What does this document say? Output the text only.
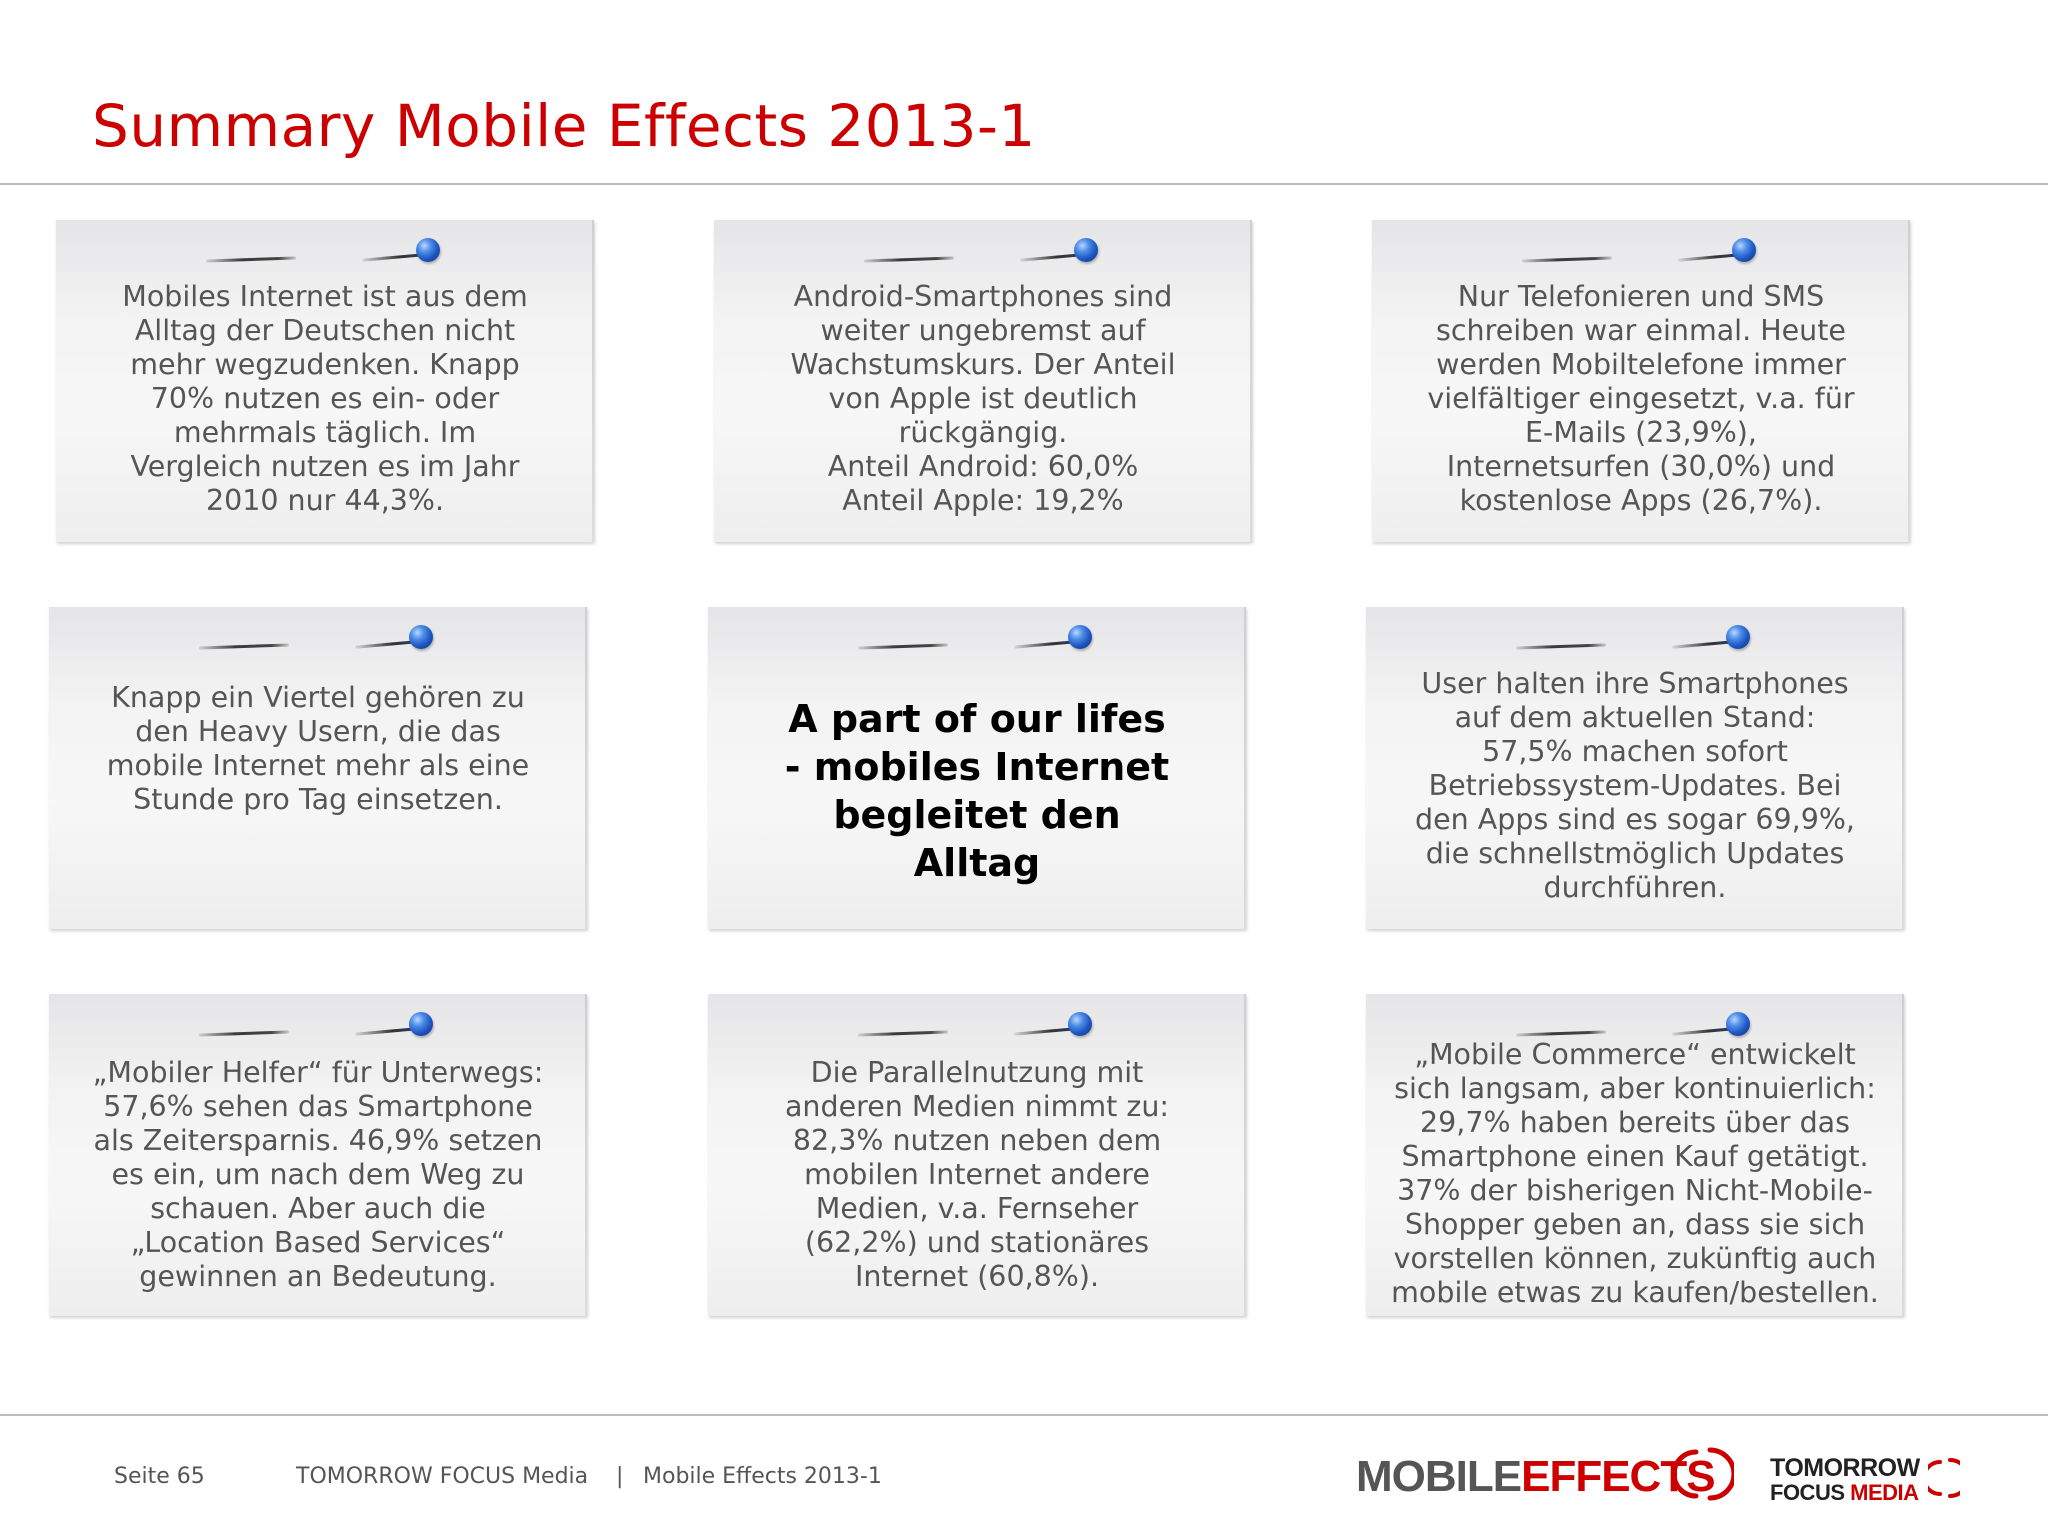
Summary Mobile Effects 2013-1
Mobiles Internet ist aus dem
Alltag der Deutschen nicht
mehr wegzudenken. Knapp
70% nutzen es ein- oder
mehrmals täglich. Im
Vergleich nutzen es im Jahr
2010 nur 44,3%.
Android-Smartphones sind
weiter ungebremst auf
Wachstumskurs. Der Anteil
von Apple ist deutlich
rückgängig.
Anteil Android: 60,0%
Anteil Apple: 19,2%
Nur Telefonieren und SMS
schreiben war einmal. Heute
werden Mobiltelefone immer
vielfältiger eingesetzt, v.a. für
E-Mails (23,9%),
Internetsurfen (30,0%) und
kostenlose Apps (26,7%).
Knapp ein Viertel gehören zu
den Heavy Usern, die das
mobile Internet mehr als eine
Stunde pro Tag einsetzen.
A part of our lifes
- mobiles Internet
begleitet den
Alltag
User halten ihre Smartphones
auf dem aktuellen Stand:
57,5% machen sofort
Betriebssystem-Updates. Bei
den Apps sind es sogar 69,9%,
die schnellstmöglich Updates
durchführen.
„Mobiler Helfer“ für Unterwegs:
57,6% sehen das Smartphone
als Zeitersparnis. 46,9% setzen
es ein, um nach dem Weg zu
schauen. Aber auch die
„Location Based Services“
gewinnen an Bedeutung.
Die Parallelnutzung mit
anderen Medien nimmt zu:
82,3% nutzen neben dem
mobilen Internet andere
Medien, v.a. Fernseher
(62,2%) und stationäres
Internet (60,8%).
„Mobile Commerce“ entwickelt
sich langsam, aber kontinuierlich:
29,7% haben bereits über das
Smartphone einen Kauf getätigt.
37% der bisherigen Nicht-Mobile-
Shopper geben an, dass sie sich
vorstellen können, zukünftig auch
mobile etwas zu kaufen/bestellen.
Seite 65	TOMORROW FOCUS Media | Mobile Effects 2013-1	MOBILEEFFECTS TOMORROW
FOCUS MEDIA
